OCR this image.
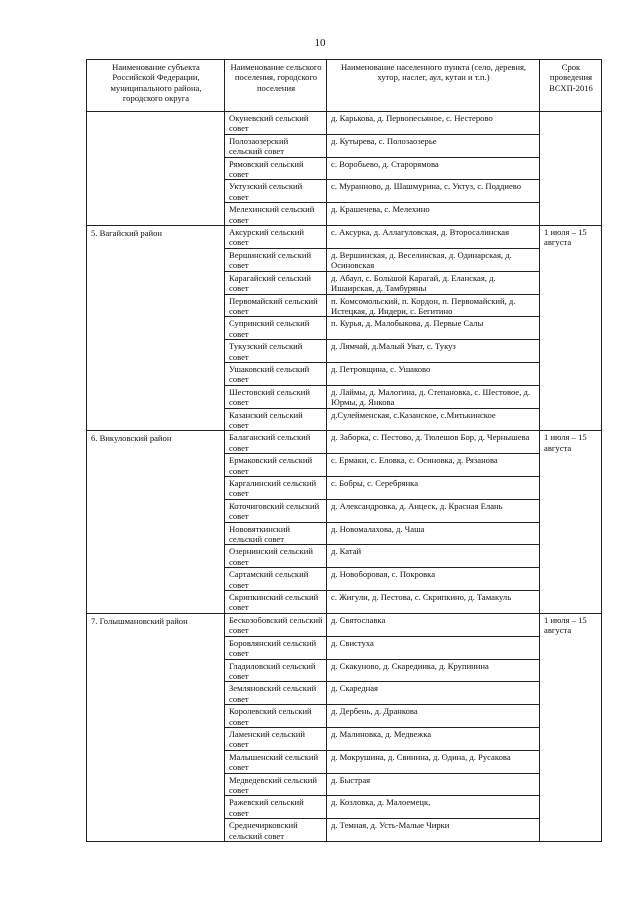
10
Наименование субъекта Российской Федерации, муниципального района, городского округа	Наименование сельского поселения, городского поселения	Наименование населенного пункта (село, деревня, хутор, наслег, аул, кутан и т.п.)	Срок проведения ВСХП-2016
	Окуневский сельский совет	д. Карькова, д. Первопесьяное, с. Нестерово	
	Полозаозерский сельский совет	д. Кутырева, с. Полозаозерье	
	Рямовский сельский совет	с. Воробьево, д. Старорямова	
	Уктузский сельский совет	с. Муранново, д. Шашмурина, с. Уктуз, с. Поддиево	
	Мелехинский сельский совет	д. Крашенева, с. Мелехино	
5. Вагайский район	Аксурский сельский совет	с. Аксурка, д. Аллагуловская, д. Второсалинская	1 июля – 15 августа
	Вершинский сельский совет	д. Вершинская, д. Веселинская, д. Одинарская, д. Осиновская	
	Карагайский сельский совет	д. Абаул, с. Большой Карагай, д. Еланская, д. Ишаирская, д. Тамбуряны	
	Первомайский сельский совет	п. Комсомольский, п. Кордон, п. Первомайский, д. Истецкая, д. Индери, с. Бегитино	
	Супринский сельский совет	п. Курья, д. Малобыкова, д. Первые Салы	
	Тукузский сельский совет	д. Лямчай, д.Малый Уват, с. Тукуз	
	Ушаковский сельский совет	д. Петровщина, с. Ушаково	
	Шестовский сельский совет	д. Лаймы, д. Малогина, д. Степановка, с. Шестовое, д. Юрмы, д. Янкова	
	Казанский сельский совет	д.Сулейменская, с.Казанское, с.Митькинское	
6. Викуловский район	Балаганский сельский совет	д. Заборка, с. Пестово, д. Тюлешов Бор, д. Чернышева	1 июля – 15 августа
	Ермаковский сельский совет	с. Ермаки, с. Еловка, с. Осиновка, д. Рязанова	
	Каргалинский сельский совет	с. Бобры, с. Серебрянка	
	Коточиговский сельский совет	д. Александровка, д. Анцеск, д. Красная Елань	
	Нововяткинский сельский совет	д. Новомалахова, д. Чаша	
	Озернинский сельский совет	д. Катай	
	Сартамский сельский совет	д. Новоборовая, с. Покровка	
	Скрипкинский сельский совет	с. Жигули, д. Пестова, с. Скрипкино, д. Тамакуль	
7. Голышмановский район	Бескозобовский сельский совет	д. Святославка	1 июля – 15 августа
	Боровлянский сельский совет	д. Свистуха	
	Гладиловский сельский совет	д. Скакуново, д. Скарединка, д. Крупинина	
	Земляновский сельский совет	д. Скаредная	
	Королевский сельский совет	д. Дербень, д. Дранкова	
	Ламенский сельский совет	д. Малиновка, д. Медвежка	
	Малышенский сельский совет	д. Мокрушина, д. Свинина, д. Одина, д. Русакова	
	Медведевский сельский совет	д. Быстрая	
	Ражевский сельский совет	д. Козловка, д. Малоемецк,	
	Среднечирковский сельский совет	д. Темная, д. Усть-Малые Чирки	
